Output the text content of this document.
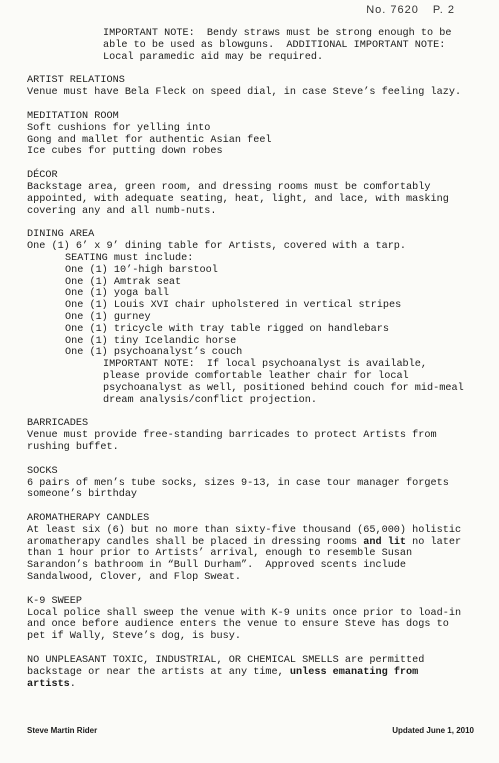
No. 7620 P. 2
IMPORTANT NOTE:  Bendy straws must be strong enough to be
able to be used as blowguns.  ADDITIONAL IMPORTANT NOTE:
Local paramedic aid may be required.
ARTIST RELATIONS
Venue must have Bela Fleck on speed dial, in case Steve’s feeling lazy.
MEDITATION ROOM
Soft cushions for yelling into
Gong and mallet for authentic Asian feel
Ice cubes for putting down robes
DÉCOR
Backstage area, green room, and dressing rooms must be comfortably
appointed, with adequate seating, heat, light, and lace, with masking
covering any and all numb-nuts.
DINING AREA
One (1) 6’ x 9’ dining table for Artists, covered with a tarp.
SEATING must include:
One (1) 10’-high barstool
One (1) Amtrak seat
One (1) yoga ball
One (1) Louis XVI chair upholstered in vertical stripes
One (1) gurney
One (1) tricycle with tray table rigged on handlebars
One (1) tiny Icelandic horse
One (1) psychoanalyst’s couch
IMPORTANT NOTE:  If local psychoanalyst is available,
please provide comfortable leather chair for local
psychoanalyst as well, positioned behind couch for mid-meal
dream analysis/conflict projection.
BARRICADES
Venue must provide free-standing barricades to protect Artists from
rushing buffet.
SOCKS
6 pairs of men’s tube socks, sizes 9-13, in case tour manager forgets
someone’s birthday
AROMATHERAPY CANDLES
At least six (6) but no more than sixty-five thousand (65,000) holistic
aromatherapy candles shall be placed in dressing rooms and lit no later
than 1 hour prior to Artists’ arrival, enough to resemble Susan
Sarandon’s bathroom in “Bull Durham”.  Approved scents include
Sandalwood, Clover, and Flop Sweat.
K-9 SWEEP
Local police shall sweep the venue with K-9 units once prior to load-in
and once before audience enters the venue to ensure Steve has dogs to
pet if Wally, Steve’s dog, is busy.
NO UNPLEASANT TOXIC, INDUSTRIAL, OR CHEMICAL SMELLS are permitted
backstage or near the artists at any time, unless emanating from
artists.
Steve Martin Rider	Updated June 1, 2010
